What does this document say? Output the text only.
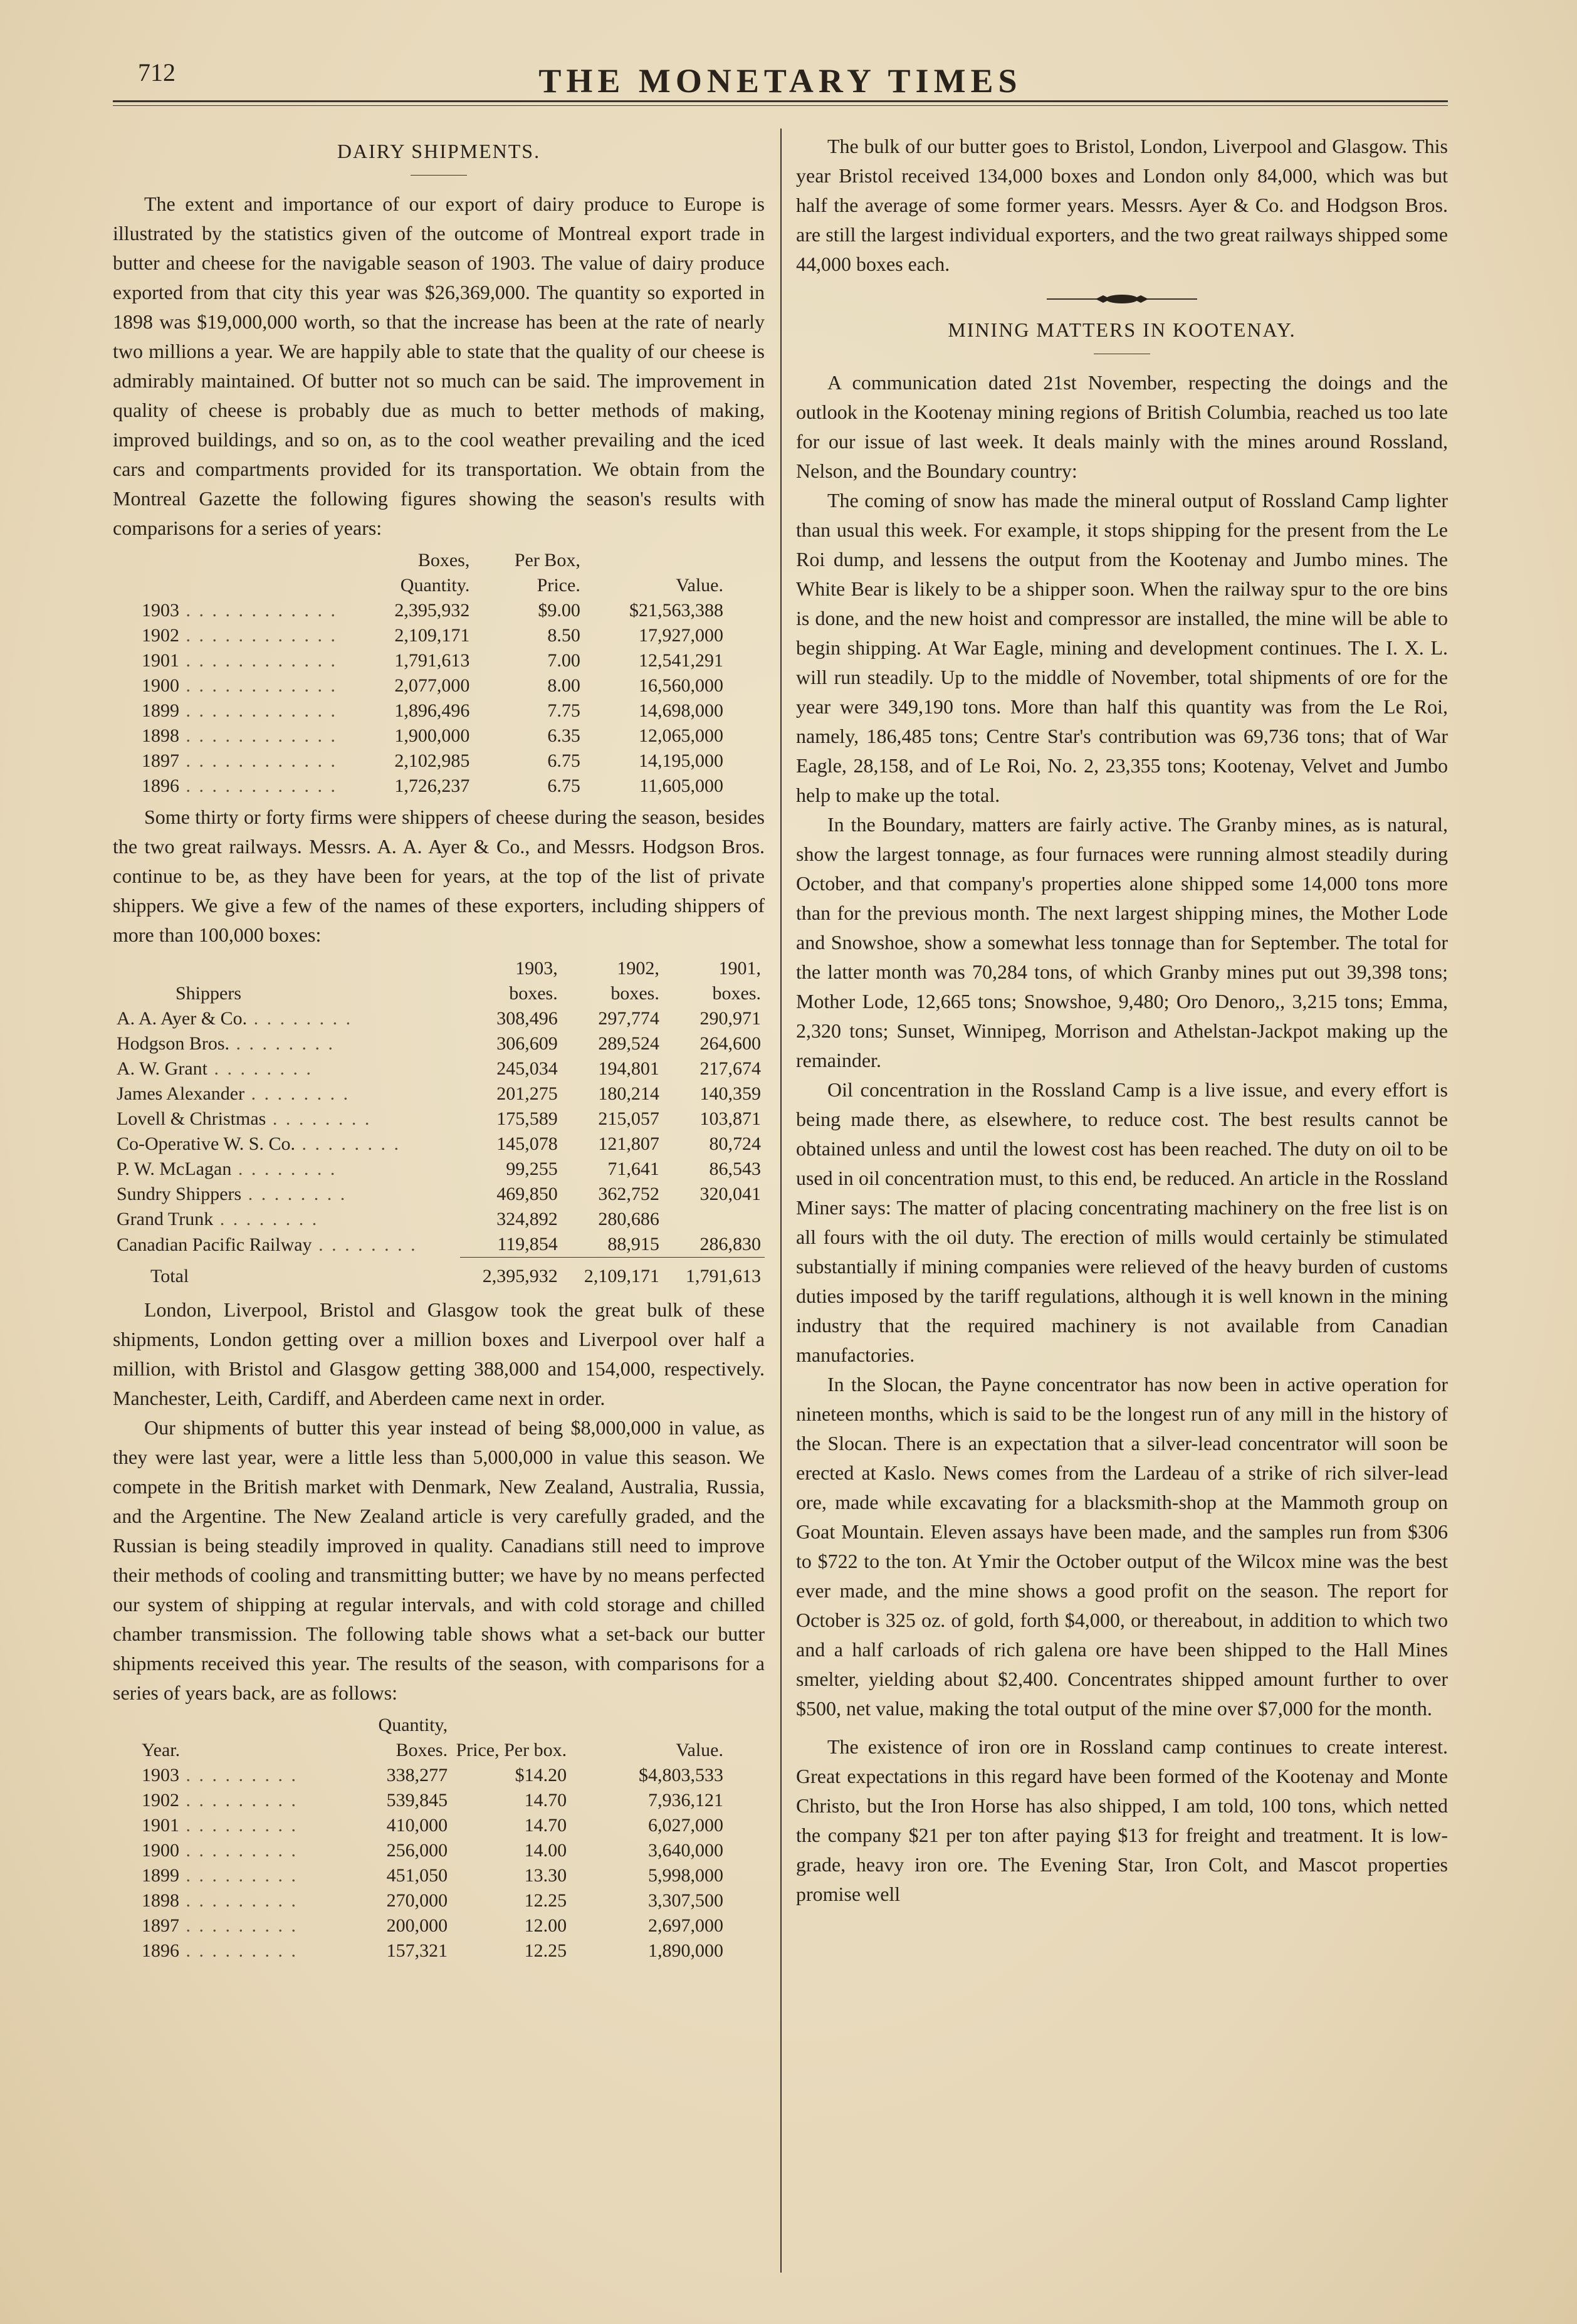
712	THE MONETARY TIMES
DAIRY SHIPMENTS.

The extent and importance of our export of dairy produce to Europe is illustrated by the statistics given of the outcome of Montreal export trade in butter and cheese for the navigable season of 1903. The value of dairy produce exported from that city this year was $26,369,000. The quantity so exported in 1898 was $19,000,000 worth, so that the increase has been at the rate of nearly two millions a year. We are happily able to state that the quality of our cheese is admirably maintained. Of butter not so much can be said. The improvement in quality of cheese is probably due as much to better methods of making, improved buildings, and so on, as to the cool weather prevailing and the iced cars and compartments provided for its transportation. We obtain from the Montreal Gazette the following figures showing the season's results with comparisons for a series of years:

	Boxes, Quantity.	Per Box, Price.	Value.
1903 . . . . . . . . . . . .	2,395,932	$9.00	$21,563,388
1902 . . . . . . . . . . . .	2,109,171	8.50	17,927,000
1901 . . . . . . . . . . . .	1,791,613	7.00	12,541,291
1900 . . . . . . . . . . . .	2,077,000	8.00	16,560,000
1899 . . . . . . . . . . . .	1,896,496	7.75	14,698,000
1898 . . . . . . . . . . . .	1,900,000	6.35	12,065,000
1897 . . . . . . . . . . . .	2,102,985	6.75	14,195,000
1896 . . . . . . . . . . . .	1,726,237	6.75	11,605,000

Some thirty or forty firms were shippers of cheese during the season, besides the two great railways. Messrs. A. A. Ayer & Co., and Messrs. Hodgson Bros. continue to be, as they have been for years, at the top of the list of private shippers. We give a few of the names of these exporters, including shippers of more than 100,000 boxes:

Shippers	1903, boxes.	1902, boxes.	1901, boxes.
A. A. Ayer & Co. . . . . . . . .	308,496	297,774	290,971
Hodgson Bros. . . . . . . . .	306,609	289,524	264,600
A. W. Grant . . . . . . . .	245,034	194,801	217,674
James Alexander . . . . . . . .	201,275	180,214	140,359
Lovell & Christmas . . . . . . . .	175,589	215,057	103,871
Co-Operative W. S. Co. . . . . . . . .	145,078	121,807	80,724
P. W. McLagan . . . . . . . .	99,255	71,641	86,543
Sundry Shippers . . . . . . . .	469,850	362,752	320,041
Grand Trunk . . . . . . . .	324,892	280,686	
Canadian Pacific Railway . . . . . . . .	119,854	88,915	286,830

Total	2,395,932	2,109,171	1,791,613

London, Liverpool, Bristol and Glasgow took the great bulk of these shipments, London getting over a million boxes and Liverpool over half a million, with Bristol and Glasgow getting 388,000 and 154,000, respectively. Manchester, Leith, Cardiff, and Aberdeen came next in order.

Our shipments of butter this year instead of being $8,000,000 in value, as they were last year, were a little less than 5,000,000 in value this season. We compete in the British market with Denmark, New Zealand, Australia, Russia, and the Argentine. The New Zealand article is very carefully graded, and the Russian is being steadily improved in quality. Canadians still need to improve their methods of cooling and transmitting butter; we have by no means perfected our system of shipping at regular intervals, and with cold storage and chilled chamber transmission. The following table shows what a set-back our butter shipments received this year. The results of the season, with comparisons for a series of years back, are as follows:

Year.	Quantity, Boxes.	Price, Per box.	Value.
1903 . . . . . . . . .	338,277	$14.20	$4,803,533
1902 . . . . . . . . .	539,845	14.70	7,936,121
1901 . . . . . . . . .	410,000	14.70	6,027,000
1900 . . . . . . . . .	256,000	14.00	3,640,000
1899 . . . . . . . . .	451,050	13.30	5,998,000
1898 . . . . . . . . .	270,000	12.25	3,307,500
1897 . . . . . . . . .	200,000	12.00	2,697,000
1896 . . . . . . . . .	157,321	12.25	1,890,000

The bulk of our butter goes to Bristol, London, Liverpool and Glasgow. This year Bristol received 134,000 boxes and London only 84,000, which was but half the average of some former years. Messrs. Ayer & Co. and Hodgson Bros. are still the largest individual exporters, and the two great railways shipped some 44,000 boxes each.

MINING MATTERS IN KOOTENAY.

A communication dated 21st November, respecting the doings and the outlook in the Kootenay mining regions of British Columbia, reached us too late for our issue of last week. It deals mainly with the mines around Rossland, Nelson, and the Boundary country:

The coming of snow has made the mineral output of Rossland Camp lighter than usual this week. For example, it stops shipping for the present from the Le Roi dump, and lessens the output from the Kootenay and Jumbo mines. The White Bear is likely to be a shipper soon. When the railway spur to the ore bins is done, and the new hoist and compressor are installed, the mine will be able to begin shipping. At War Eagle, mining and development continues. The I. X. L. will run steadily. Up to the middle of November, total shipments of ore for the year were 349,190 tons. More than half this quantity was from the Le Roi, namely, 186,485 tons; Centre Star's contribution was 69,736 tons; that of War Eagle, 28,158, and of Le Roi, No. 2, 23,355 tons; Kootenay, Velvet and Jumbo help to make up the total.

In the Boundary, matters are fairly active. The Granby mines, as is natural, show the largest tonnage, as four furnaces were running almost steadily during October, and that company's properties alone shipped some 14,000 tons more than for the previous month. The next largest shipping mines, the Mother Lode and Snowshoe, show a somewhat less tonnage than for September. The total for the latter month was 70,284 tons, of which Granby mines put out 39,398 tons; Mother Lode, 12,665 tons; Snowshoe, 9,480; Oro Denoro,, 3,215 tons; Emma, 2,320 tons; Sunset, Winnipeg, Morrison and Athelstan-Jackpot making up the remainder.

Oil concentration in the Rossland Camp is a live issue, and every effort is being made there, as elsewhere, to reduce cost. The best results cannot be obtained unless and until the lowest cost has been reached. The duty on oil to be used in oil concentration must, to this end, be reduced. An article in the Rossland Miner says: The matter of placing concentrating machinery on the free list is on all fours with the oil duty. The erection of mills would certainly be stimulated substantially if mining companies were relieved of the heavy burden of customs duties imposed by the tariff regulations, although it is well known in the mining industry that the required machinery is not available from Canadian manufactories.

In the Slocan, the Payne concentrator has now been in active operation for nineteen months, which is said to be the longest run of any mill in the history of the Slocan. There is an expectation that a silver-lead concentrator will soon be erected at Kaslo. News comes from the Lardeau of a strike of rich silver-lead ore, made while excavating for a blacksmith-shop at the Mammoth group on Goat Mountain. Eleven assays have been made, and the samples run from $306 to $722 to the ton. At Ymir the October output of the Wilcox mine was the best ever made, and the mine shows a good profit on the season. The report for October is 325 oz. of gold, forth $4,000, or thereabout, in addition to which two and a half carloads of rich galena ore have been shipped to the Hall Mines smelter, yielding about $2,400. Concentrates shipped amount further to over $500, net value, making the total output of the mine over $7,000 for the month.

The existence of iron ore in Rossland camp continues to create interest. Great expectations in this regard have been formed of the Kootenay and Monte Christo, but the Iron Horse has also shipped, I am told, 100 tons, which netted the company $21 per ton after paying $13 for freight and treatment. It is low-grade, heavy iron ore. The Evening Star, Iron Colt, and Mascot properties promise well
